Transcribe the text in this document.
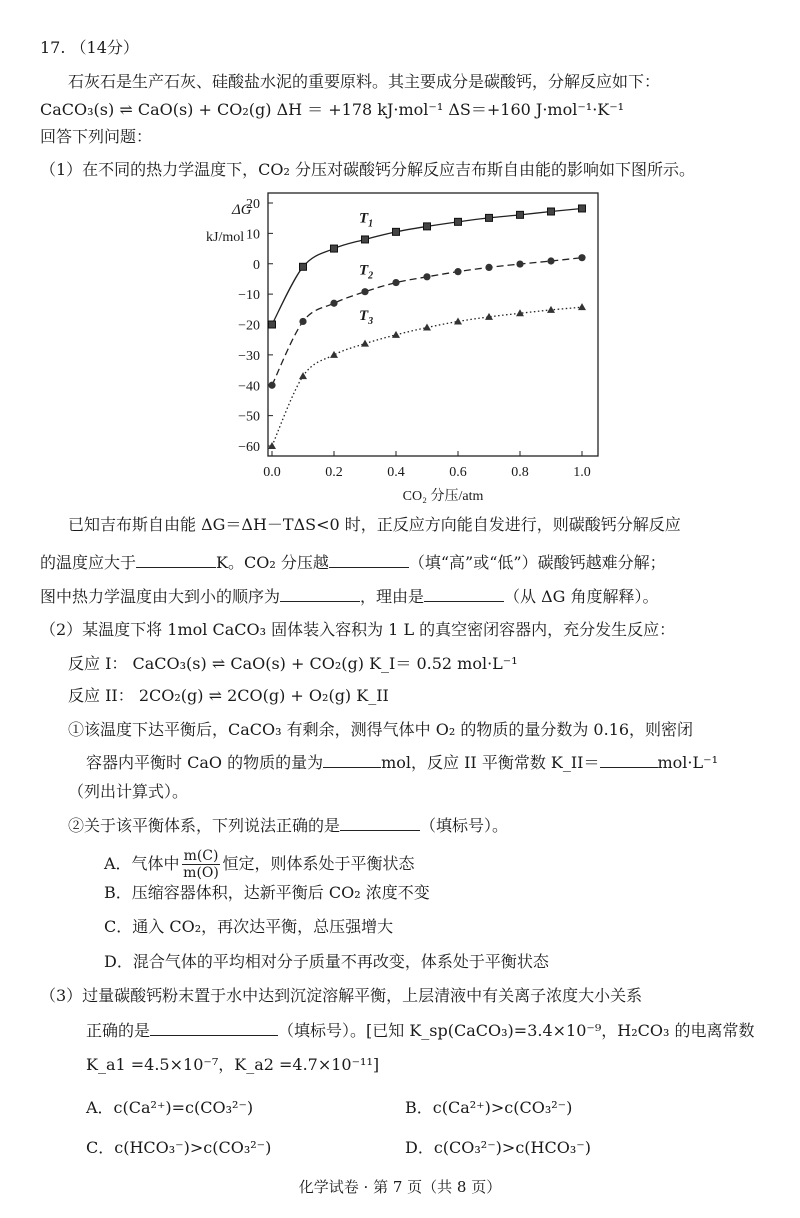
17. （14分）
石灰石是生产石灰、硅酸盐水泥的重要原料。其主要成分是碳酸钙，分解反应如下：
CaCO₃(s) ⇌ CaO(s) + CO₂(g) ΔH ＝ +178 kJ·mol⁻¹ ΔS＝+160 J·mol⁻¹·K⁻¹
回答下列问题：
（1）在不同的热力学温度下，CO₂ 分压对碳酸钙分解反应吉布斯自由能的影响如下图所示。
20
10
0
−10
−20
−30
−40
−50
−60
0.0	0.2	0.4	0.6	0.8	1.0
ΔG
kJ/mol
CO₂ 分压/atm
$T_1$
$T_2$
$T_3$
已知吉布斯自由能 ΔG＝ΔH－TΔS<0 时，正反应方向能自发进行，则碳酸钙分解反应
的温度应大于	K。CO₂ 分压越	（填“高”或“低”）碳酸钙越难分解；
图中热力学温度由大到小的顺序为	，理由是	（从 ΔG 角度解释）。
（2）某温度下将 1mol CaCO₃ 固体装入容积为 1 L 的真空密闭容器内，充分发生反应：
反应 I： CaCO₃(s) ⇌ CaO(s) + CO₂(g) K_I＝ 0.52 mol·L⁻¹
反应 II： 2CO₂(g) ⇌ 2CO(g) + O₂(g) K_II
①该温度下达平衡后，CaCO₃ 有剩余，测得气体中 O₂ 的物质的量分数为 0.16，则密闭
容器内平衡时 CaO 的物质的量为	mol，反应 II 平衡常数 K_II＝	mol·L⁻¹
（列出计算式）。
②关于该平衡体系，下列说法正确的是	（填标号）。
A．气体中 $\frac{m(C)}{m(O)}$ 恒定，则体系处于平衡状态
B．压缩容器体积，达新平衡后 CO₂ 浓度不变
C．通入 CO₂，再次达平衡，总压强增大
D．混合气体的平均相对分子质量不再改变，体系处于平衡状态
（3）过量碳酸钙粉末置于水中达到沉淀溶解平衡，上层清液中有关离子浓度大小关系
正确的是	（填标号）。[已知 K_sp(CaCO₃)=3.4×10⁻⁹，H₂CO₃ 的电离常数
K_a1 =4.5×10⁻⁷，K_a2 =4.7×10⁻¹¹]
A．c(Ca²⁺)=c(CO₃²⁻)	B．c(Ca²⁺)>c(CO₃²⁻)
C．c(HCO₃⁻)>c(CO₃²⁻)	D．c(CO₃²⁻)>c(HCO₃⁻)
化学试卷 · 第 7 页（共 8 页）
